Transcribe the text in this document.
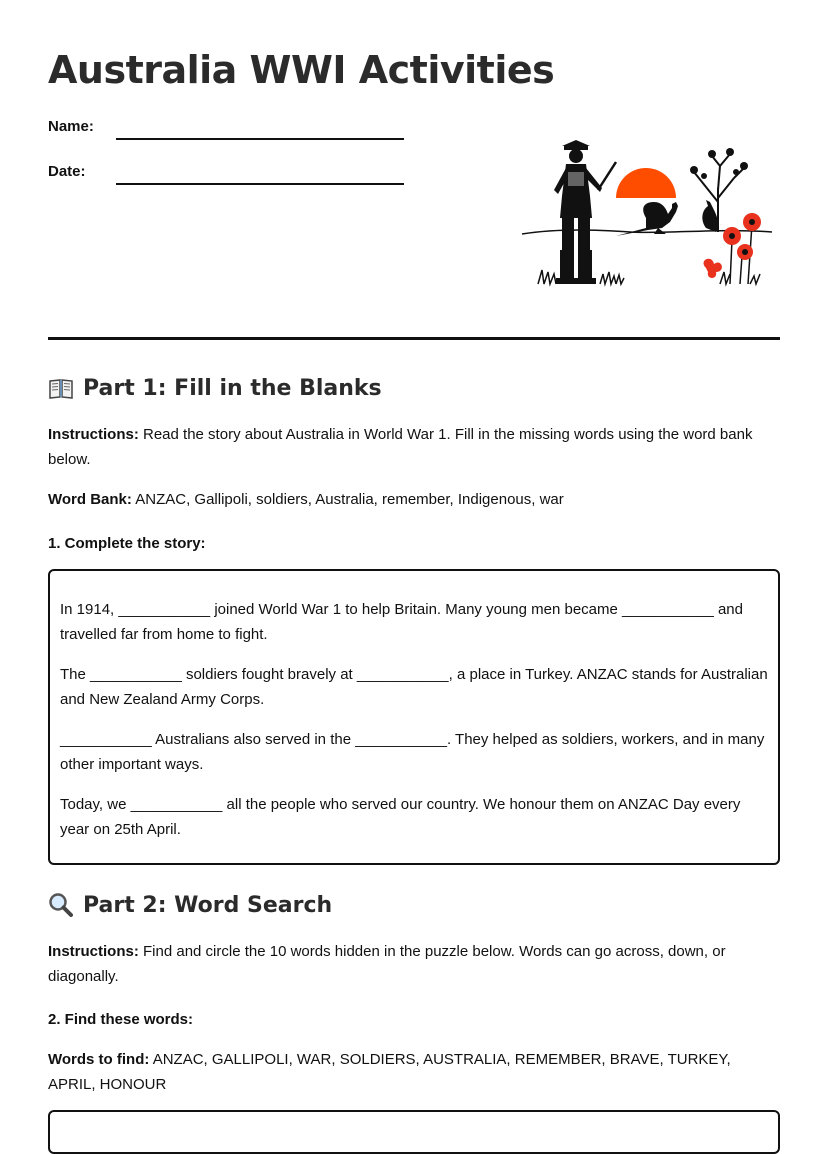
Australia WWI Activities
Name:
Date:
Part 1: Fill in the Blanks

Instructions: Read the story about Australia in World War 1. Fill in the missing words using the word bank below.

Word Bank: ANZAC, Gallipoli, soldiers, Australia, remember, Indigenous, war

1. Complete the story:

In 1914, ___________ joined World War 1 to help Britain. Many young men became ___________ and travelled far from home to fight.

The ___________ soldiers fought bravely at ___________, a place in Turkey. ANZAC stands for Australian and New Zealand Army Corps.

___________ Australians also served in the ___________. They helped as soldiers, workers, and in many other important ways.

Today, we ___________ all the people who served our country. We honour them on ANZAC Day every year on 25th April.

Part 2: Word Search

Instructions: Find and circle the 10 words hidden in the puzzle below. Words can go across, down, or diagonally.

2. Find these words:

Words to find: ANZAC, GALLIPOLI, WAR, SOLDIERS, AUSTRALIA, REMEMBER, BRAVE, TURKEY, APRIL, HONOUR
